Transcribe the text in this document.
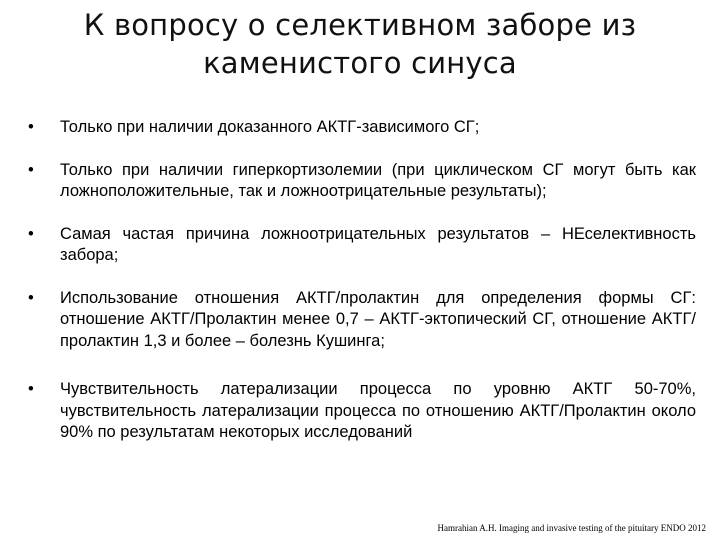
К вопросу о селективном заборе из
каменистого синуса
•	Только при наличии доказанного АКТГ-зависимого СГ;
•	Только при наличии гиперкортизолемии (при циклическом СГ могут быть как ложноположительные, так и ложноотрицательные результаты);
•	Самая частая причина ложноотрицательных результатов – НЕселективность забора;
•	Использование отношения АКТГ/пролактин для определения формы СГ: отношение АКТГ/Пролактин менее 0,7 – АКТГ-эктопический СГ, отношение АКТГ/пролактин 1,3 и более – болезнь Кушинга;
•	Чувствительность латерализации процесса по уровню АКТГ 50-70%, чувствительность латерализации процесса по отношению АКТГ/Пролактин около 90% по результатам некоторых исследований
Hamrahian A.H. Imaging and invasive testing of the pituitary ENDO 2012
